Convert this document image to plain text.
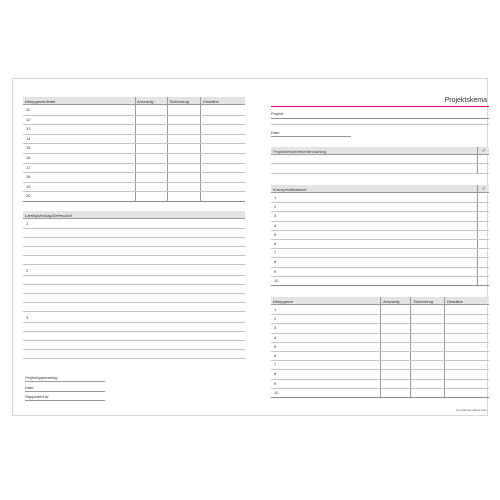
Delopgaver/ledet	Ansvarlig	Tidsforbrug	Deadline
11
12
13
14
15
16
17
18
19
20
Læringsforslag/Delresultat
1
2
3
Projektopponering
Dato
Rapportert af
Projektskema
Projekt
Dato
Projektbeskrivelse/Afrundning	✓
Kravspecifikationer	✓
1
2
3
4
5
6
7
8
9
10
Delopgaver	Ansvarlig	Tidsforbrug	Deadline
1
2
3
4
5
6
7
8
9
10
Formatmus planer.com
